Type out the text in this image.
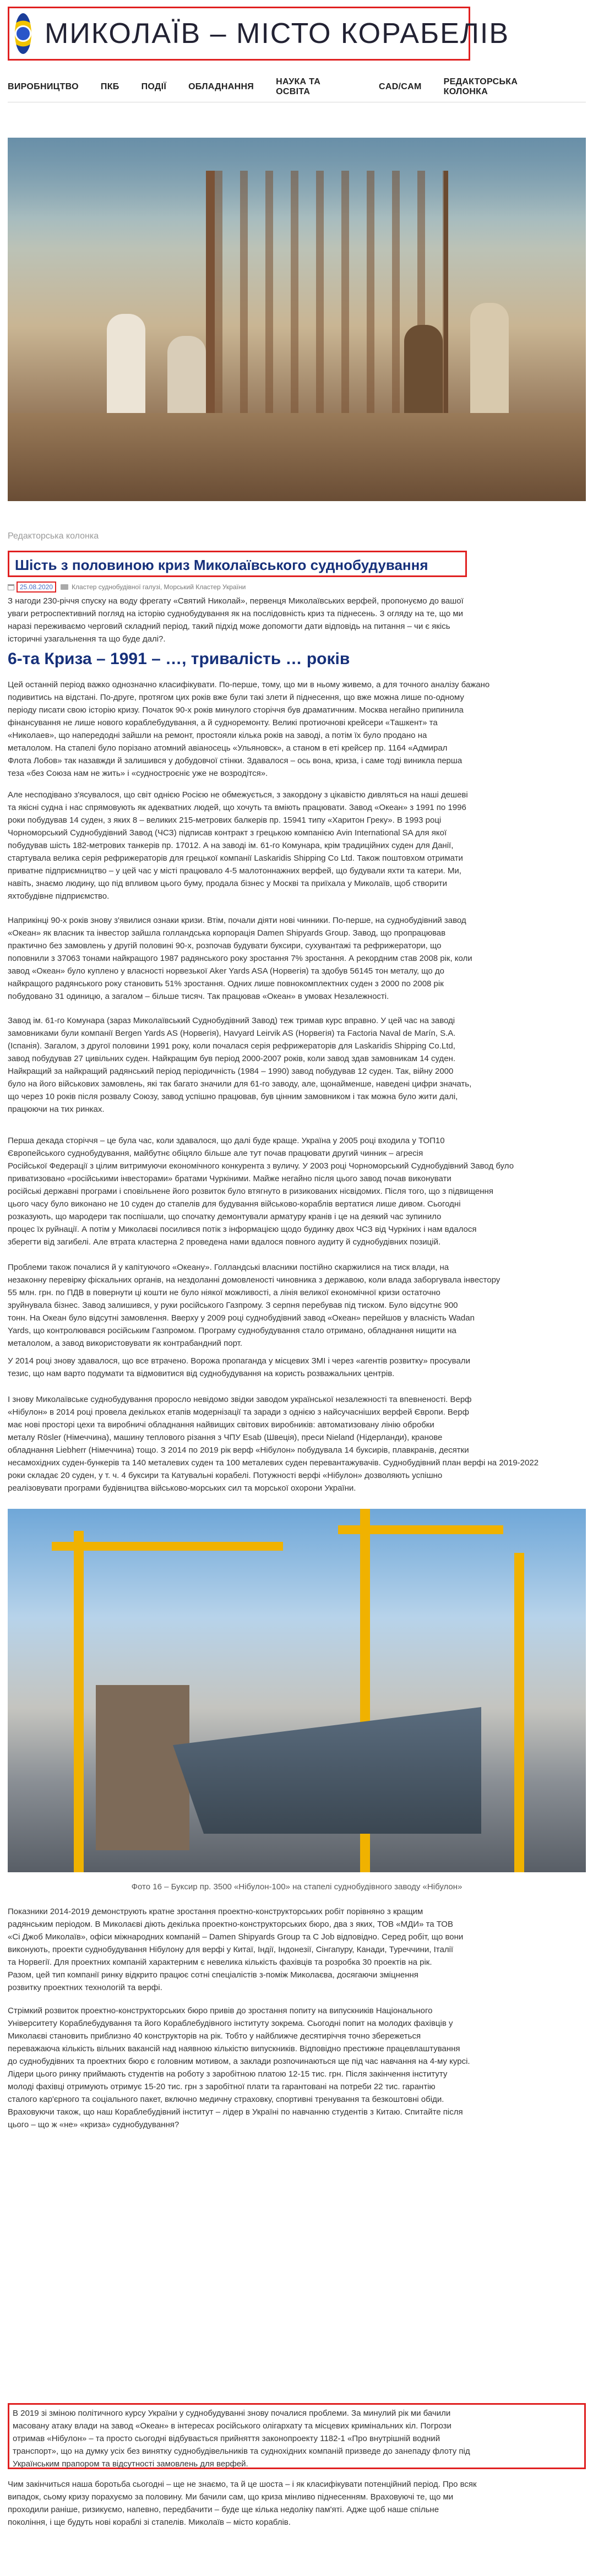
МИКОЛАЇВ – МІСТО КОРАБЕЛІВ
ВИРОБНИЦТВО	ПКБ	ПОДІЇ	ОБЛАДНАННЯ
НАУКА ТА ОСВІТА
CAD/CAM
РЕДАКТОРСЬКА КОЛОНКА
Редакторська колонка
Шість з половиною криз Миколаївського суднобудування
25.08.2020	Кластер суднобудівної галузі, Морський Кластер України

З нагоди 230-річчя спуску на воду фрегату «Святий Николай», первенця Миколаївських верфей, пропонуємо до вашої

уваги ретроспективний погляд на історію суднобудування як на послідовність криз та піднесень. З огляду на те, що ми

наразі переживаємо черговий складний період, такий підхід може допомогти дати відповідь на питання – чи є якісь

історичні узагальнення та що буде далі?.

6-та Криза – 1991 – …, тривалість … років

Цей останній період важко однозначно класифікувати. По-перше, тому, що ми в ньому живемо, а для точного аналізу бажано

подивитись на відстані. По-друге, протягом цих років вже були такі злети й піднесення, що вже можна лише по-одному

періоду писати свою історію кризу. Початок 90-х років минулого сторіччя був драматичним. Москва негайно припинила

фінансування не лише нового кораблебудування, а й судноремонту. Великі протиочнові крейсери «Ташкент» та

«Николаев», що напередодні зайшли на ремонт, простояли кілька років на заводі, а потім їх було продано на

металолом. На стапелі було порізано атомний авіаносець «Ульяновск», а станом в еті крейсер пр. 1164 «Адмирал

Флота Лобов» так назавжди й залишився у добудовчої стінки. Здавалося – ось вона, криза, і саме тоді виникла перша

теза «без Союза нам не жить» і «судностроєніє уже не возродітся».

Але несподівано з'ясувалося, що світ однією Росією не обмежується, з закордону з цікавістю дивляться на наші дешеві

та якісні судна і нас спрямовують як адекватних людей, що хочуть та вміють працювати. Завод «Океан» з 1991 по 1996

роки побудував 14 суден, з яких 8 – великих 215-метрових балкерів пр. 15941 типу «Харитон Греку». В 1993 році

Чорноморський Суднобудівний Завод (ЧСЗ) підписав контракт з грецькою компанією Avin International SA для якої

побудував шість 182-метрових танкерів пр. 17012. А на заводі ім. 61-го Комунара, крім традиційних суден для Данії,

стартувала велика серія рефрижераторів для грецької компанії Laskaridis Shipping Co Ltd. Також поштовхом отримати

приватне підприємництво – у цей час у місті працювало 4-5 малотоннажних верфей, що будували яхти та катери. Ми,

навіть, знаємо людину, що під впливом цього буму, продала бізнес у Москві та приїхала у Миколаїв, щоб створити

яхтобудівне підприємство.

Наприкінці 90-х років знову з'явилися ознаки кризи. Втім, почали діяти нові чинники. По-перше, на суднобудівний завод

«Океан» як власник та інвестор зайшла голландська корпорація Damen Shipyards Group. Завод, що пропрацював

практично без замовлень у другій половині 90-х, розпочав будувати буксири, сухувантажі та рефрижератори, що

поповнили з 37063 тонами найкращого 1987 радянського року зростання 7% зростання. А рекордним став 2008 рік, коли

завод «Океан» було куплено у власності норвезької Aker Yards ASA (Норвегія) та здобув 56145 тон металу, що до

найкращого радянського року становить 51% зростання. Одних лише повнокомплектних суден з 2000 по 2008 рік

побудовано 31 одиницю, а загалом – більше тисяч. Так працював «Океан» в умовах Незалежності.

Завод ім. 61-го Комунара (зараз Миколаївський Суднобудівний Завод) теж тримав курс вправно. У цей час на заводі

замовниками були компанії Bergen Yards AS (Норвегія), Havyard Leirvik AS (Норвегія) та Factoria Naval de Marín, S.A.

(Іспанія). Загалом, з другої половини 1991 року, коли почалася серія рефрижераторів для Laskaridis Shipping Co.Ltd,

завод побудував 27 цивільних суден. Найкращим був період 2000-2007 років, коли завод здав замовникам 14 суден.

Найкращий за найкращий радянський період періодичність (1984 – 1990) завод побудував 12 суден. Так, війну 2000

було на його військових замовлень, які так багато значили для 61-го заводу, але, щонайменше, наведені цифри значать,

що через 10 років після розвалу Союзу, завод успішно працював, був цінним замовником і так можна було жити далі,

працюючи на тих ринках.

Перша декада сторіччя – це була час, коли здавалося, що далі буде краще. Україна у 2005 році входила у ТОП10

Європейського суднобудування, майбутнє обіцяло більше але тут почав працювати другий чинник – агресія

Російської Федерації з цілим витримуючи економічного конкурента з вуличу. У 2003 році Чорноморський Суднобудівний Завод було

приватизовано «російськими інвесторами» братами Чуркіними. Майже негайно після цього завод почав виконувати

російські державні програми і сповільнене його розвиток було втягнуто в ризикованих нісвідомих. Після того, що з підвищення

цього часу було виконано не 10 суден до стапелів для будування військово-кораблів вертатися лише дивом. Сьогодні

розказують, що мародери так поспішали, що спочатку демонтували арматуру кранів і це на деякий час зупинило

процес їх руйнації. А потім у Миколаєві посилився потік з інформацією щодо будинку двох ЧСЗ від Чуркіних і нам вдалося

зберегти від загибелі. Але втрата кластерна 2 проведена нами вдалося повного аудиту й суднобудівних позицій.

Проблеми також почалися й у капітуючого «Океану». Голландські власники постійно скаржилися на тиск влади, на

незаконну перевірку фіскальних органів, на нездоланні домовленості чиновника з державою, коли влада заборгувала інвестору

55 млн. грн. по ПДВ в повернути ці кошти не було ніякої можливості, а лінія великої економічної кризи остаточно

зруйнувала бізнес. Завод залишився, у руки російського Газпрому. З серпня перебував під тиском. Було відсутнє 900

тонн. На Океан було відсутні замовлення. Вверху у 2009 році суднобудівний завод «Океан» перейшов у власність Wadan

Yards, що контролювався російським Газпромом. Програму суднобудування стало отримано, обладнання нищити на

металолом, а завод використовувати як контрабандний порт.

У 2014 році знову здавалося, що все втрачено. Ворожа пропаганда у місцевих ЗМІ і через «агентів розвитку» просували

тезис, що нам варто подумати та відмовитися від суднобудування на користь розважальних центрів.

І знову Миколаївське суднобудування проросло невідомо звідки заводом української незалежності та впевненості. Верф

«Нібулон» в 2014 році провела декількох етапів модернізації та заради з однією з найсучасніших верфей Європи. Верф

має нові просторі цехи та виробничі обладнання найвищих світових виробників: автоматизовану лінію обробки

металу Rösler (Німеччина), машину теплового різання з ЧПУ Esab (Швеція), преси Nieland (Нідерланди), кранове

обладнання Liebherr (Німеччина) тощо. З 2014 по 2019 рік верф «Нібулон» побудувала 14 буксирів, плавкранів, десятки

несамохідних суден-бункерів та 140 металевих суден та 100 металевих суден перевантажувачів. Суднобудівний план верфі на 2019-2022

роки складає 20 суден, у т. ч. 4 буксири та Катувальні корабелі. Потужності верфі «Нібулон» дозволяють успішно

реалізовувати програми будівництва військово-морських сил та морської охорони України.

Фото 16 – Буксир пр. 3500 «Нібулон-100» на стапелі суднобудівного заводу «Нібулон»

Показники 2014-2019 демонструють кратне зростання проектно-конструкторських робіт порівняно з кращим

радянським періодом. В Миколаєві діють декілька проектно-конструкторських бюро, два з яких, ТОВ «МДИ» та ТОВ

«Сі Джоб Миколаїв», офіси міжнародних компаній – Damen Shipyards Group та C Job відповідно. Серед робіт, що вони

виконують, проекти суднобудування Нібулону для верфі у Китаї, Індії, Індонезії, Сінгапуру, Канади, Туреччини, Італії

та Норвегії. Для проектних компаній характерним є невелика кількість фахівців та розробка 30 проектів на рік.

Разом, цей тип компанії ринку відкрито працює сотні спеціалістів з-поміж Миколаєва, досягаючи зміцнення

розвитку проектних технологій та верфі.

Стрімкий розвиток проектно-конструкторських бюро привів до зростання попиту на випускників Національного

Університету Кораблебудування та його Кораблебудівного інституту зокрема. Сьогодні попит на молодих фахівців у

Миколаєві становить приблизно 40 конструкторів на рік. Тобто у найближче десятиріччя точно збережеться

переважаюча кількість вільних вакансій над наявною кількістю випускників. Відповідно престижне працевлаштування

до суднобудівних та проектних бюро є головним мотивом, а заклади розпочинаються ще під час навчання на 4-му курсі.

Лідери цього ринку приймають студентів на роботу з заробітною платою 12-15 тис. грн. Після закінчення інституту

молоді фахівці отримують отримує 15-20 тис. грн з заробітної плати та гарантовані на потреби 22 тис. гарантію

сталого кар'єрного та соціального пакет, включно медичну страховку, спортивні тренування та безкоштовні обіди.

Враховуючи також, що наш Кораблебудівний інститут – лідер в Україні по навчанню студентів з Китаю. Спитайте після

цього – що ж «не» «криза» суднобудування?

В 2019 зі зміною політичного курсу України у суднобудуванні знову почалися проблеми. За минулий рік ми бачили

масовану атаку влади на завод «Океан» в інтересах російського олігархату та місцевих кримінальних кіл. Погрози

отримав «Нібулон» – та просто сьогодні відбувається прийняття законопроекту 1182-1 «Про внутрішній водний

транспорт», що на думку усіх без винятку суднобудівельників та суднохідних компаній призведе до занепаду флоту під

Українським прапором та відсутності замовлень для верфей.

Чим закінчиться наша боротьба сьогодні – ще не знаємо, та й це шоста – і як класифікувати потенційний період. Про всяк

випадок, сьому кризу порахуємо за половину. Ми бачили сам, що криза мінливо піднесенням. Враховуючі те, що ми

проходили раніше, ризикуємо, напевно, передбачити – буде ще кілька недоліку пам'яті. Адже щоб наше спільне

покоління, і ще будуть нові кораблі зі стапелів. Миколаїв – місто кораблів.
